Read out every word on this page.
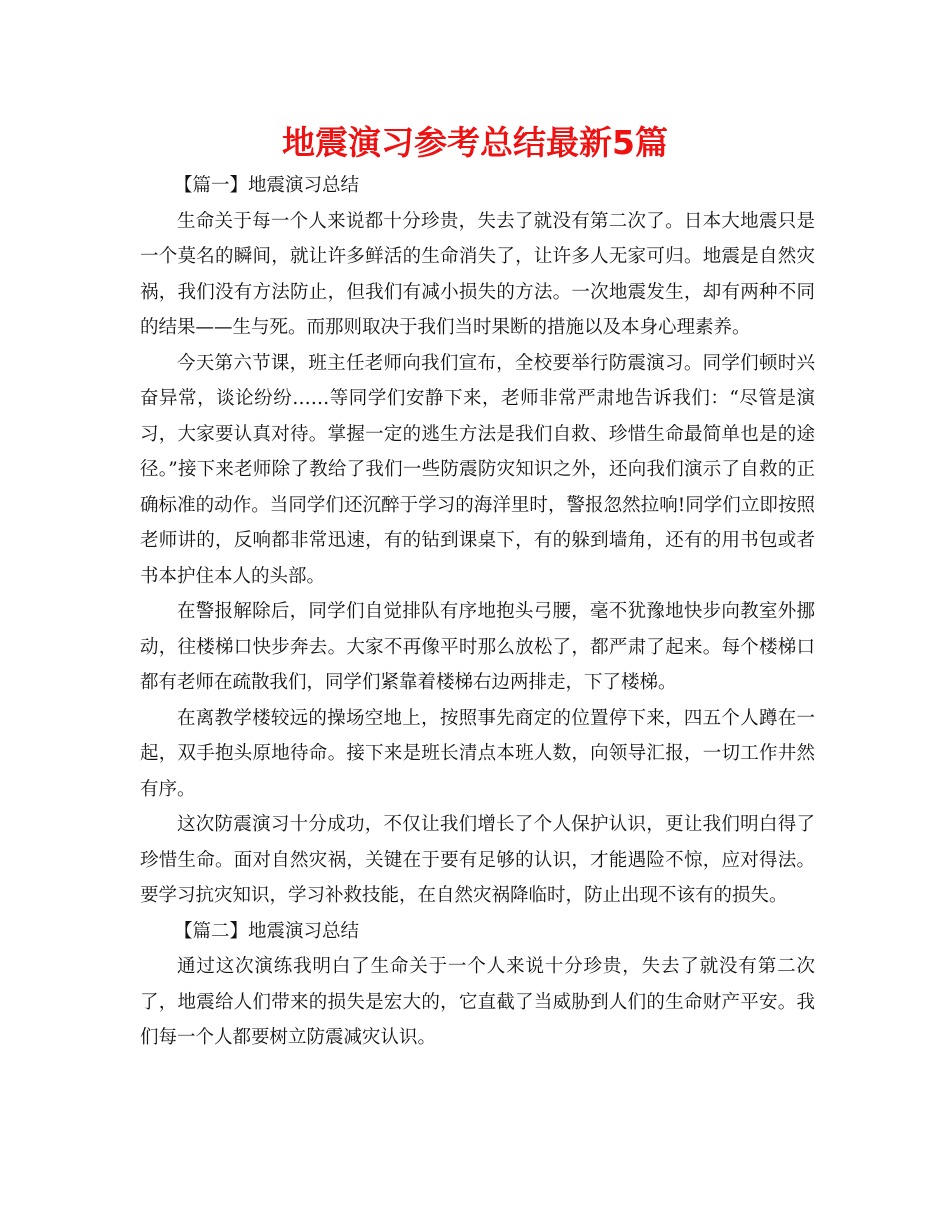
地震演习参考总结最新5篇

【篇一】地震演习总结

生命关于每一个人来说都十分珍贵，失去了就没有第二次了。日本大地震只是一个莫名的瞬间，就让许多鲜活的生命消失了，让许多人无家可归。地震是自然灾祸，我们没有方法防止，但我们有减小损失的方法。一次地震发生，却有两种不同的结果——生与死。而那则取决于我们当时果断的措施以及本身心理素养。

今天第六节课，班主任老师向我们宣布，全校要举行防震演习。同学们顿时兴奋异常，谈论纷纷……等同学们安静下来，老师非常严肃地告诉我们：“尽管是演习，大家要认真对待。掌握一定的逃生方法是我们自救、珍惜生命最简单也是的途径。”接下来老师除了教给了我们一些防震防灾知识之外，还向我们演示了自救的正确标准的动作。当同学们还沉醉于学习的海洋里时，警报忽然拉响!同学们立即按照老师讲的，反响都非常迅速，有的钻到课桌下，有的躲到墙角，还有的用书包或者书本护住本人的头部。

在警报解除后，同学们自觉排队有序地抱头弓腰，毫不犹豫地快步向教室外挪动，往楼梯口快步奔去。大家不再像平时那么放松了，都严肃了起来。每个楼梯口都有老师在疏散我们，同学们紧靠着楼梯右边两排走，下了楼梯。

在离教学楼较远的操场空地上，按照事先商定的位置停下来，四五个人蹲在一起，双手抱头原地待命。接下来是班长清点本班人数，向领导汇报，一切工作井然有序。

这次防震演习十分成功，不仅让我们增长了个人保护认识，更让我们明白得了珍惜生命。面对自然灾祸，关键在于要有足够的认识，才能遇险不惊，应对得法。要学习抗灾知识，学习补救技能，在自然灾祸降临时，防止出现不该有的损失。

【篇二】地震演习总结

通过这次演练我明白了生命关于一个人来说十分珍贵，失去了就没有第二次了，地震给人们带来的损失是宏大的，它直截了当威胁到人们的生命财产平安。我们每一个人都要树立防震减灾认识。
